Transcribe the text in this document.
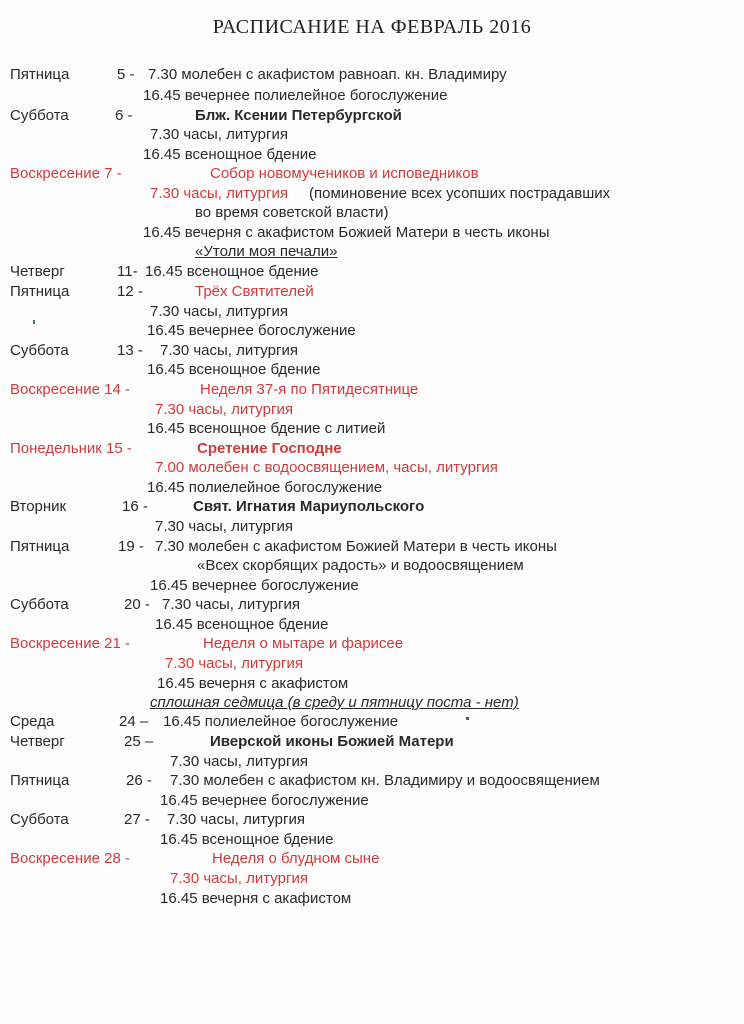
РАСПИСАНИЕ НА ФЕВРАЛЬ 2016
Пятница	5 - 7.30 молебен с акафистом равноап. кн. Владимиру
16.45 вечернее полиелейное богослужение
Суббота	6 -	Блж. Ксении Петербургской
7.30 часы, литургия
16.45 всенощное бдение
Воскресение 7 -	Собор новомучеников и исповедников
7.30 часы, литургия (поминовение всех усопших пострадавших
во время советской власти)
16.45 вечерня с акафистом Божией Матери в честь иконы
«Утоли моя печали»
Четверг	11- 16.45 всенощное бдение
Пятница	12 -	Трёх Святителей
7.30 часы, литургия
16.45 вечернее богослужение
Суббота	13 - 7.30 часы, литургия
16.45 всенощное бдение
Воскресение 14 -	Неделя 37-я по Пятидесятнице
7.30 часы, литургия
16.45 всенощное бдение с литией
Понедельник 15 -	Сретение Господне
7.00 молебен с водоосвящением, часы, литургия
16.45 полиелейное богослужение
Вторник	16 -	Свят. Игнатия Мариупольского
7.30 часы, литургия
Пятница	19 - 7.30 молебен с акафистом Божией Матери в честь иконы
«Всех скорбящих радость» и водоосвящением
16.45 вечернее богослужение
Суббота	20 - 7.30 часы, литургия
16.45 всенощное бдение
Воскресение 21 -	Неделя о мытаре и фарисее
7.30 часы, литургия
16.45 вечерня с акафистом
сплошная седмица (в среду и пятницу поста - нет)
Среда	24 – 16.45 полиелейное богослужение
Четверг	25 –	Иверской иконы Божией Матери
7.30 часы, литургия
Пятница	26 - 7.30 молебен с акафистом кн. Владимиру и водоосвящением
16.45 вечернее богослужение
Суббота	27 - 7.30 часы, литургия
16.45 всенощное бдение
Воскресение 28 -	Неделя о блудном сыне
7.30 часы, литургия
16.45 вечерня с акафистом
